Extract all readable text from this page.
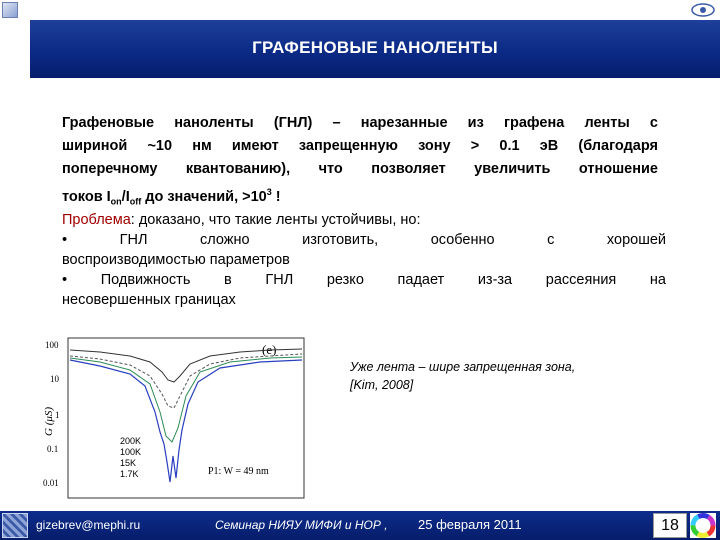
ГРАФЕНОВЫЕ НАНОЛЕНТЫ
Графеновые наноленты (ГНЛ) – нарезанные из графена ленты с
шириной ~10 нм имеют запрещенную зону > 0.1 эВ (благодаря
поперечному квантованию), что позволяет увеличить отношение
токов $I_{on}/I_{off}$ до значений, $>10^3$ !
Проблема: доказано, что такие ленты устойчивы, но:
• ГНЛ сложно изготовить, особенно с хорошей
воспроизводимостью параметров
• Подвижность в ГНЛ резко падает из-за рассеяния на
несовершенных границах
G (μS)
100
10
1
0.1
0.01
(e)
200K
100K
15K
1.7K	P1: W = 49 nm
Уже лента – шире запрещенная зона,
[Kim, 2008]
gizebrev@mephi.ru	Семинар НИЯУ МИФИ и НОР , 25 февраля 2011	18
